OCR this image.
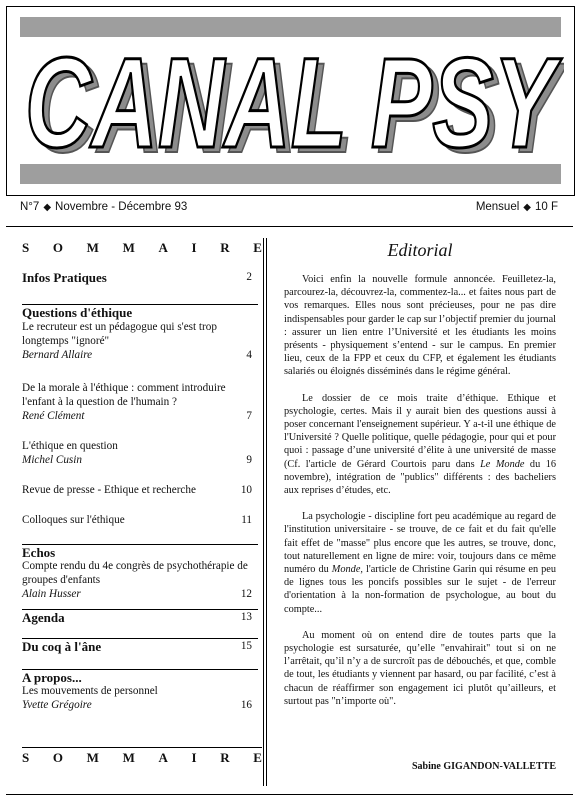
N°7 ◆ Novembre - Décembre 93	Mensuel ◆ 10 F
S O M M A I R E
Infos Pratiques	2
Questions d'éthique
Le recruteur est un pédagogue qui s'est trop longtemps "ignoré"
Bernard Allaire	4
De la morale à l'éthique : comment introduire l'enfant à la question de l'humain ?
René Clément	7
L'éthique en question
Michel Cusin	9
Revue de presse - Ethique et recherche	10
Colloques sur l'éthique	11
Echos
Compte rendu du 4e congrès de psychothérapie de groupes d'enfants
Alain Husser	12
Agenda	13
Du coq à l'âne	15
A propos...
Les mouvements de personnel
Yvette Grégoire	16
S O M M A I R E
Editorial

Voici enfin la nouvelle formule annoncée. Feuilletez-la, parcourez-la, découvrez-la, commentez-la... et faites nous part de vos remarques. Elles nous sont précieuses, pour ne pas dire indispensables pour garder le cap sur l’objectif premier du journal : assurer un lien entre l’Université et les étudiants les moins présents - physiquement s’entend - sur le campus. En premier lieu, ceux de la FPP et ceux du CFP, et également les étudiants salariés ou éloignés disséminés dans le régime général.

Le dossier de ce mois traite d’éthique. Ethique et psychologie, certes. Mais il y aurait bien des questions aussi à poser concernant l'enseignement supérieur. Y a-t-il une éthique de l'Université ? Quelle politique, quelle pédagogie, pour qui et pour quoi : passage d’une université d’élite à une université de masse (Cf. l'article de Gérard Courtois paru dans Le Monde du 16 novembre), intégration de "publics" différents : des bacheliers aux reprises d’études, etc.

La psychologie - discipline fort peu académique au regard de l'institution universitaire - se trouve, de ce fait et du fait qu'elle fait effet de "masse" plus encore que les autres, se trouve, donc, tout naturellement en ligne de mire: voir, toujours dans ce même numéro du Monde, l'article de Christine Garin qui résume en peu de lignes tous les poncifs possibles sur le sujet - de l'erreur d'orientation à la non-formation de psychologue, au bout du compte...

Au moment où on entend dire de toutes parts que la psychologie est sursaturée, qu’elle "envahirait" tout si on ne l’arrêtait, qu’il n’y a de surcroît pas de débouchés, et que, comble de tout, les étudiants y viennent par hasard, ou par facilité, c’est à chacun de réaffirmer son engagement ici plutôt qu’ailleurs, et surtout pas "n’importe où".

Sabine GIGANDON-VALLETTE
